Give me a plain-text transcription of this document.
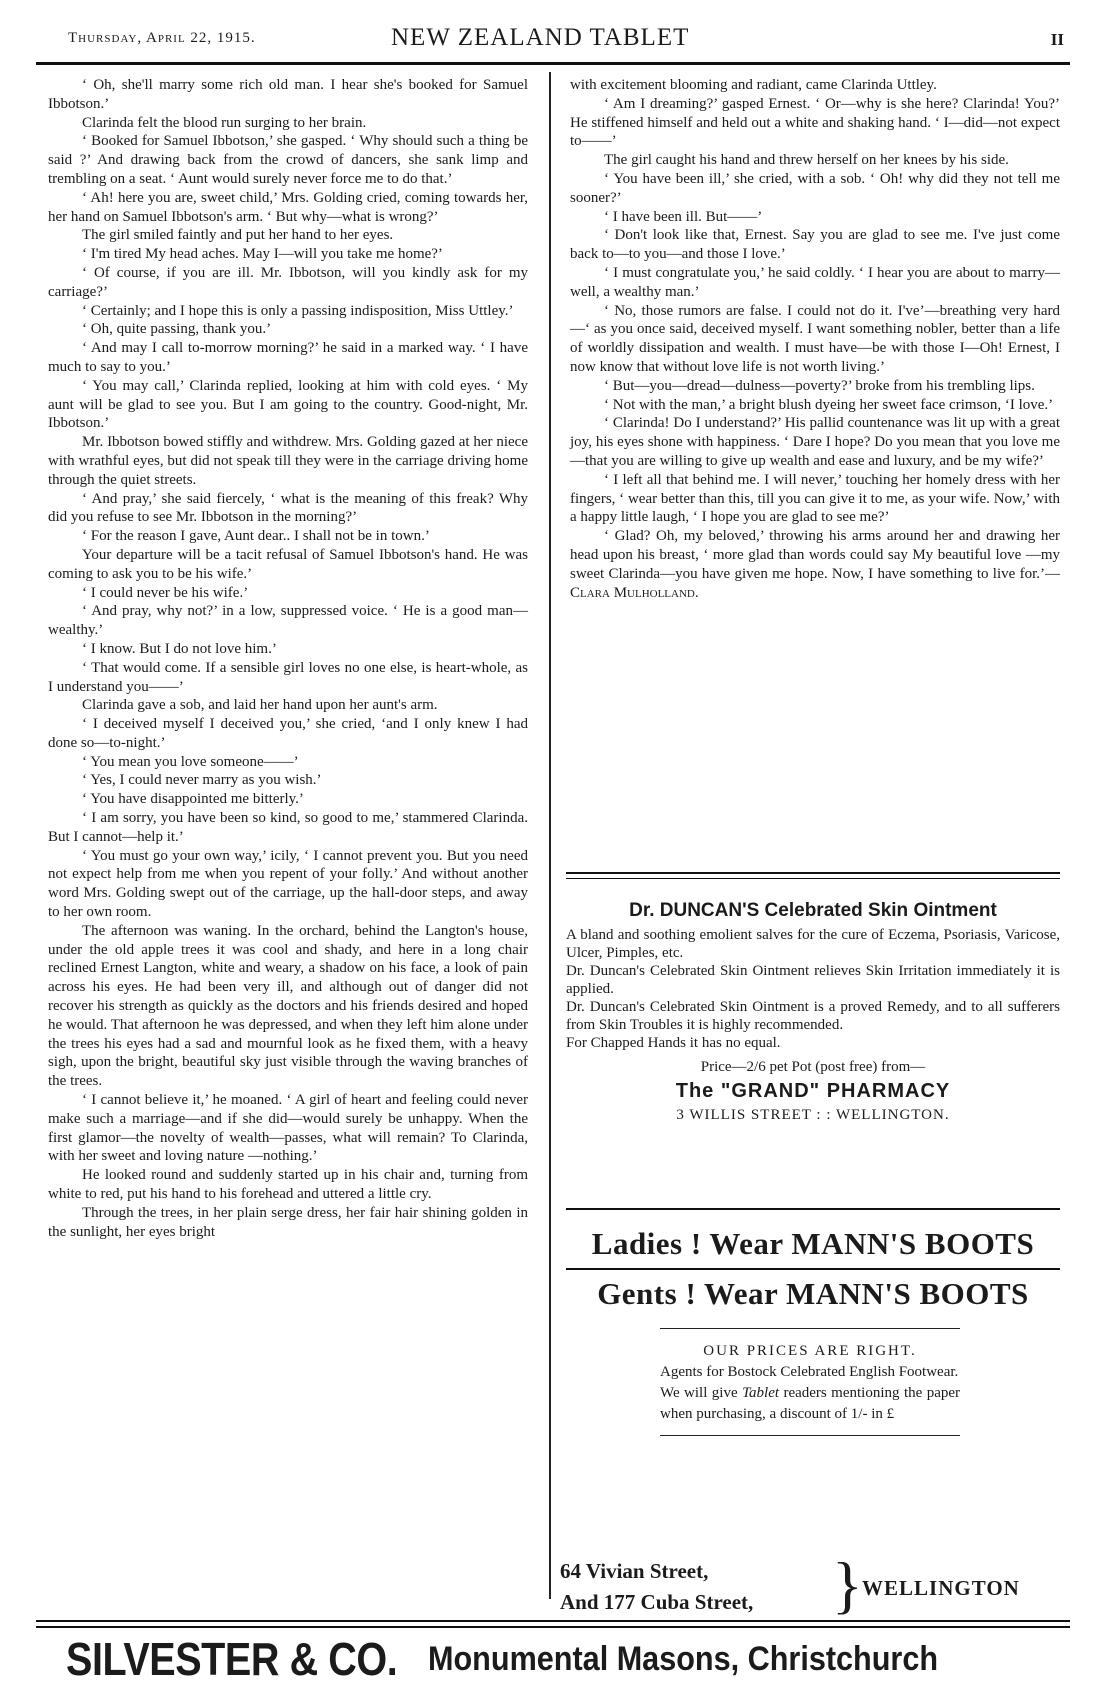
Thursday, April 22, 1915.	NEW ZEALAND TABLET	II

‘ Oh, she'll marry some rich old man. I hear she's booked for Samuel Ibbotson.’

Clarinda felt the blood run surging to her brain.

‘ Booked for Samuel Ibbotson,’ she gasped. ‘ Why should such a thing be said ?’ And drawing back from the crowd of dancers, she sank limp and trembling on a seat. ‘ Aunt would surely never force me to do that.’

‘ Ah! here you are, sweet child,’ Mrs. Golding cried, coming towards her, her hand on Samuel Ibbotson's arm. ‘ But why—what is wrong?’

The girl smiled faintly and put her hand to her eyes.

‘ I'm tired My head aches. May I—will you take me home?’

‘ Of course, if you are ill. Mr. Ibbotson, will you kindly ask for my carriage?’

‘ Certainly; and I hope this is only a passing indisposition, Miss Uttley.’

‘ Oh, quite passing, thank you.’

‘ And may I call to-morrow morning?’ he said in a marked way. ‘ I have much to say to you.’

‘ You may call,’ Clarinda replied, looking at him with cold eyes. ‘ My aunt will be glad to see you. But I am going to the country. Good-night, Mr. Ibbotson.’

Mr. Ibbotson bowed stiffly and withdrew. Mrs. Golding gazed at her niece with wrathful eyes, but did not speak till they were in the carriage driving home through the quiet streets.

‘ And pray,’ she said fiercely, ‘ what is the meaning of this freak? Why did you refuse to see Mr. Ibbotson in the morning?’

‘ For the reason I gave, Aunt dear.. I shall not be in town.’

Your departure will be a tacit refusal of Samuel Ibbotson's hand. He was coming to ask you to be his wife.’

‘ I could never be his wife.’

‘ And pray, why not?’ in a low, suppressed voice. ‘ He is a good man—wealthy.’

‘ I know. But I do not love him.’

‘ That would come. If a sensible girl loves no one else, is heart-whole, as I understand you——’

Clarinda gave a sob, and laid her hand upon her aunt's arm.

‘ I deceived myself I deceived you,’ she cried, ‘and I only knew I had done so—to-night.’

‘ You mean you love someone——’

‘ Yes, I could never marry as you wish.’

‘ You have disappointed me bitterly.’

‘ I am sorry, you have been so kind, so good to me,’ stammered Clarinda. But I cannot—help it.’

‘ You must go your own way,’ icily, ‘ I cannot prevent you. But you need not expect help from me when you repent of your folly.’ And without another word Mrs. Golding swept out of the carriage, up the hall-door steps, and away to her own room.

The afternoon was waning. In the orchard, behind the Langton's house, under the old apple trees it was cool and shady, and here in a long chair reclined Ernest Langton, white and weary, a shadow on his face, a look of pain across his eyes. He had been very ill, and although out of danger did not recover his strength as quickly as the doctors and his friends desired and hoped he would. That afternoon he was depressed, and when they left him alone under the trees his eyes had a sad and mournful look as he fixed them, with a heavy sigh, upon the bright, beautiful sky just visible through the waving branches of the trees.

‘ I cannot believe it,’ he moaned. ‘ A girl of heart and feeling could never make such a marriage—and if she did—would surely be unhappy. When the first glamor—the novelty of wealth—passes, what will remain? To Clarinda, with her sweet and loving nature —nothing.’

He looked round and suddenly started up in his chair and, turning from white to red, put his hand to his forehead and uttered a little cry.

Through the trees, in her plain serge dress, her fair hair shining golden in the sunlight, her eyes bright

with excitement blooming and radiant, came Clarinda Uttley.

‘ Am I dreaming?’ gasped Ernest. ‘ Or—why is she here? Clarinda! You?’ He stiffened himself and held out a white and shaking hand. ‘ I—did—not expect to——’

The girl caught his hand and threw herself on her knees by his side.

‘ You have been ill,’ she cried, with a sob. ‘ Oh! why did they not tell me sooner?’

‘ I have been ill. But——’

‘ Don't look like that, Ernest. Say you are glad to see me. I've just come back to—to you—and those I love.’

‘ I must congratulate you,’ he said coldly. ‘ I hear you are about to marry—well, a wealthy man.’

‘ No, those rumors are false. I could not do it. I've’—breathing very hard—‘ as you once said, deceived myself. I want something nobler, better than a life of worldly dissipation and wealth. I must have—be with those I—Oh! Ernest, I now know that without love life is not worth living.’

‘ But—you—dread—dulness—poverty?’ broke from his trembling lips.

‘ Not with the man,’ a bright blush dyeing her sweet face crimson, ‘I love.’

‘ Clarinda! Do I understand?’ His pallid countenance was lit up with a great joy, his eyes shone with happiness. ‘ Dare I hope? Do you mean that you love me—that you are willing to give up wealth and ease and luxury, and be my wife?’

‘ I left all that behind me. I will never,’ touching her homely dress with her fingers, ‘ wear better than this, till you can give it to me, as your wife. Now,’ with a happy little laugh, ‘ I hope you are glad to see me?’

‘ Glad? Oh, my beloved,’ throwing his arms around her and drawing her head upon his breast, ‘ more glad than words could say My beautiful love —my sweet Clarinda—you have given me hope. Now, I have something to live for.’—Clara Mulholland.

Dr. DUNCAN'S Celebrated Skin Ointment
A bland and soothing emolient salves for the cure of Eczema, Psoriasis, Varicose, Ulcer, Pimples, etc.
Dr. Duncan's Celebrated Skin Ointment relieves Skin Irritation immediately it is applied.
Dr. Duncan's Celebrated Skin Ointment is a proved Remedy, and to all sufferers from Skin Troubles it is highly recommended.
For Chapped Hands it has no equal.
Price—2/6 pet Pot (post free) from—
The "GRAND" PHARMACY
3 WILLIS STREET : : WELLINGTON.
Ladies ! Wear MANN'S BOOTS
Gents ! Wear MANN'S BOOTS
OUR PRICES ARE RIGHT.
Agents for Bostock Celebrated English Footwear.
We will give Tablet readers mentioning the paper when purchasing, a discount of 1/- in £
64 Vivian Street,
And 177 Cuba Street, } WELLINGTON
SILVESTER & CO. Monumental Masons, Christchurch
